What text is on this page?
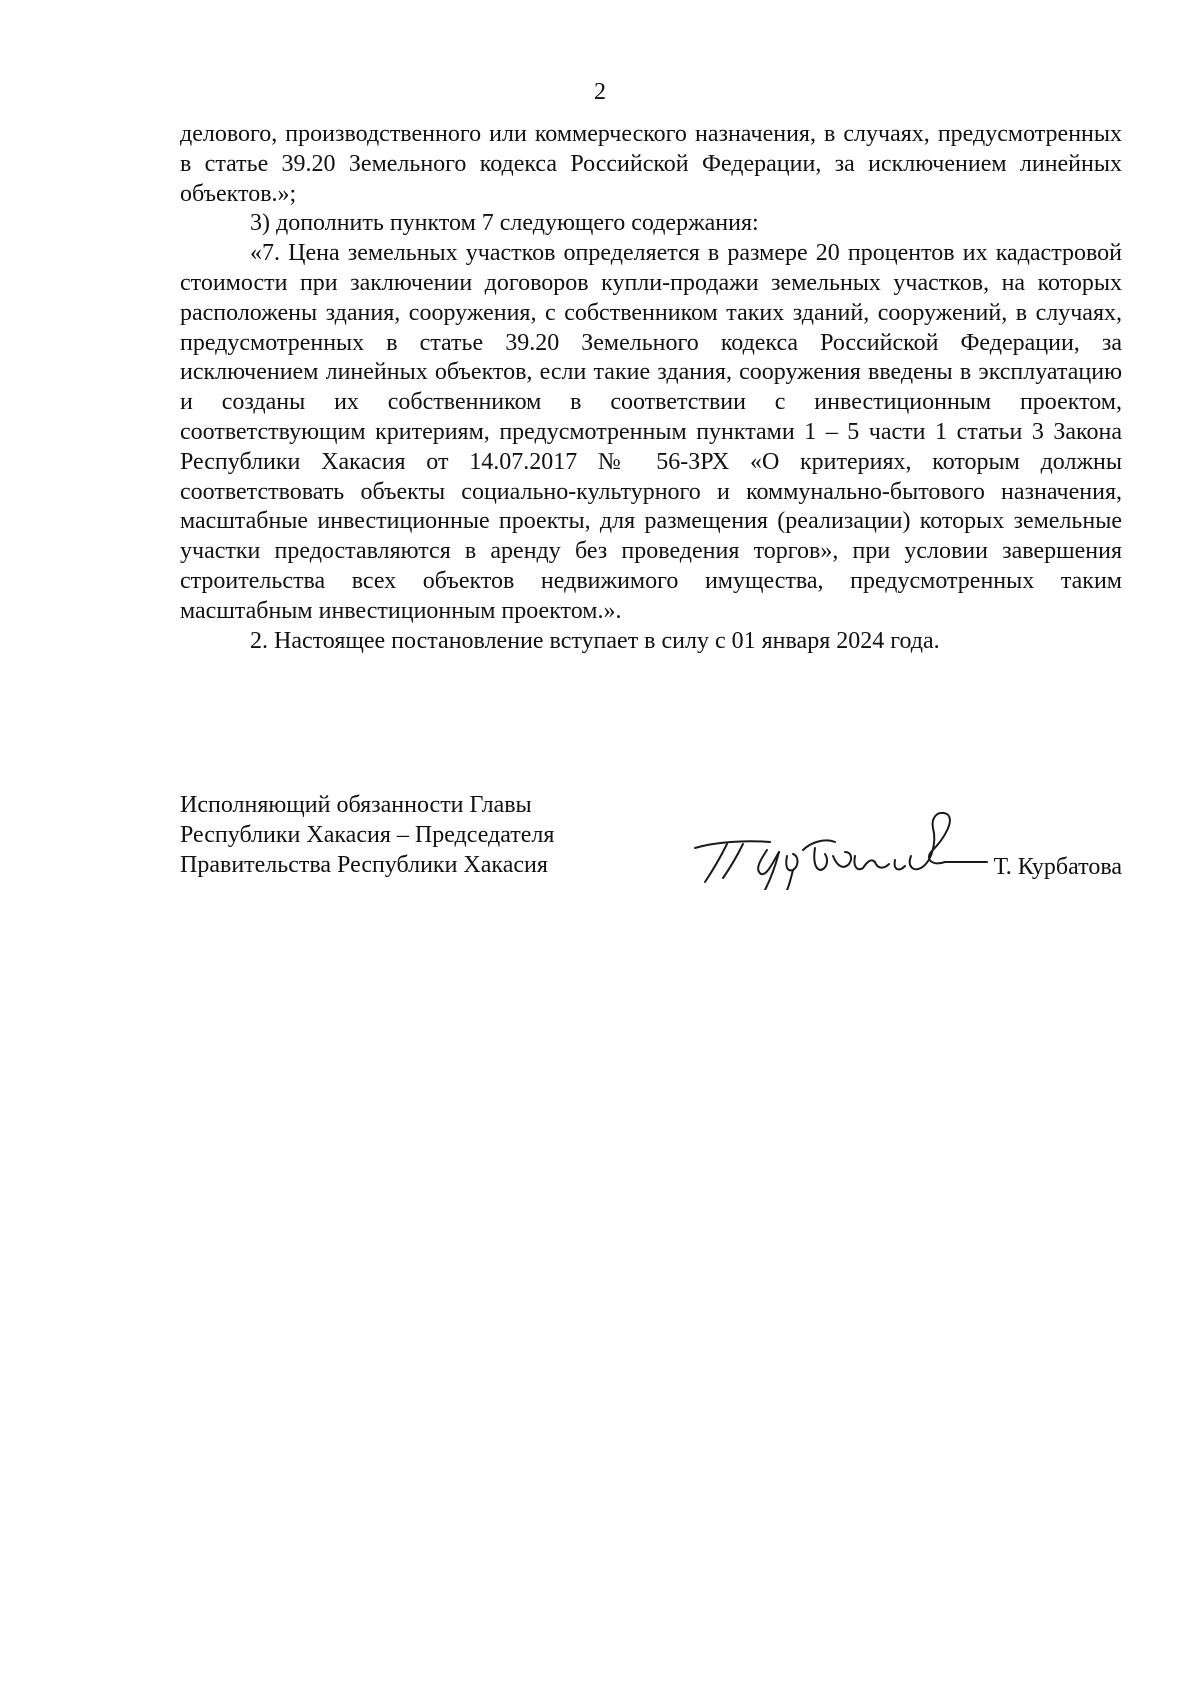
2

делового, производственного или коммерческого назначения, в случаях, предусмотренных в статье 39.20 Земельного кодекса Российской Федерации, за исключением линейных объектов.»;

3) дополнить пунктом 7 следующего содержания:

«7. Цена земельных участков определяется в размере 20 процентов их кадастровой стоимости при заключении договоров купли-продажи земельных участков, на которых расположены здания, сооружения, с собственником таких зданий, сооружений, в случаях, предусмотренных в статье 39.20 Земельного кодекса Российской Федерации, за исключением линейных объектов, если такие здания, сооружения введены в эксплуатацию и созданы их собственником в соответствии с инвестиционным проектом, соответствующим критериям, предусмотренным пунктами 1 – 5 части 1 статьи 3 Закона Республики Хакасия от 14.07.2017 № 56-ЗРХ «О критериях, которым должны соответствовать объекты социально-культурного и коммунально-бытового назначения, масштабные инвестиционные проекты, для размещения (реализации) которых земельные участки предоставляются в аренду без проведения торгов», при условии завершения строительства всех объектов недвижимого имущества, предусмотренных таким масштабным инвестиционным проектом.».

2. Настоящее постановление вступает в силу с 01 января 2024 года.

Исполняющий обязанности Главы
Республики Хакасия – Председателя
Правительства Республики Хакасия	Т. Курбатова
